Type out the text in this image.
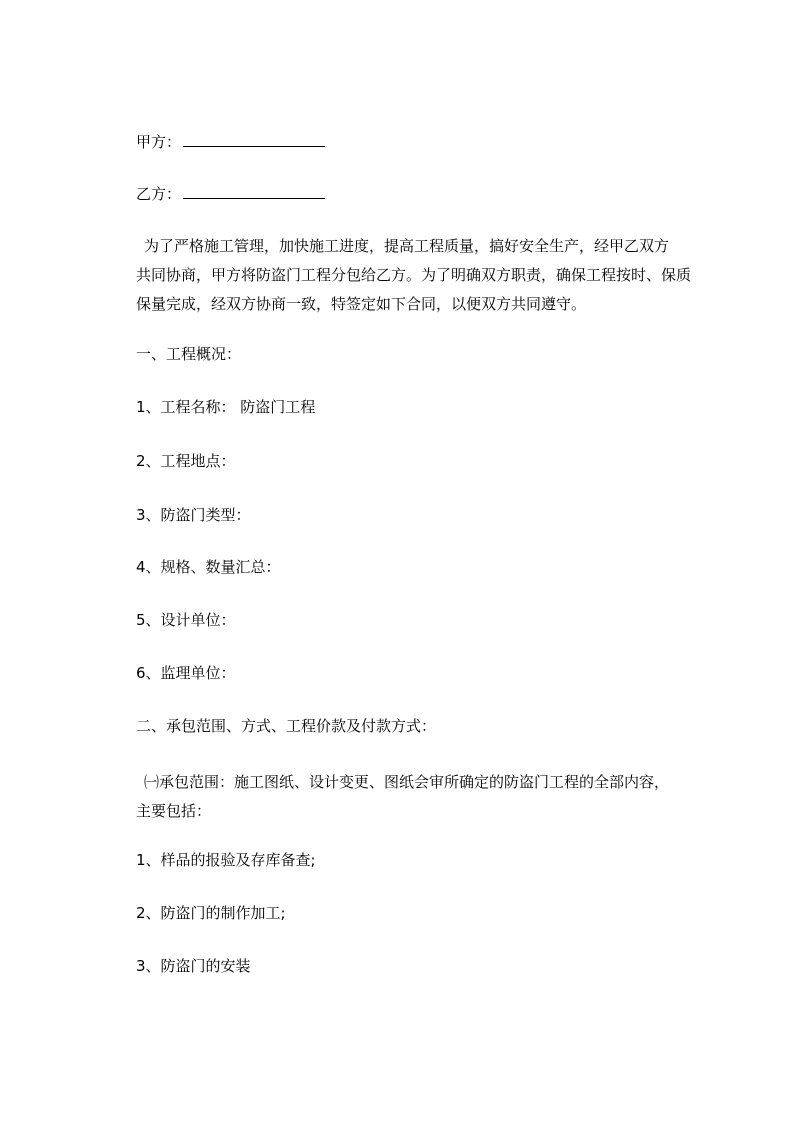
甲方：
乙方：
为了严格施工管理，加快施工进度，提高工程质量，搞好安全生产，经甲乙双方
共同协商，甲方将防盗门工程分包给乙方。为了明确双方职责，确保工程按时、保质
保量完成，经双方协商一致，特签定如下合同，以便双方共同遵守。
一、工程概况：
1、工程名称： 防盗门工程
2、工程地点：
3、防盗门类型：
4、规格、数量汇总：
5、设计单位：
6、监理单位：
二、承包范围、方式、工程价款及付款方式：
㈠承包范围：施工图纸、设计变更、图纸会审所确定的防盗门工程的全部内容，
主要包括：
1、样品的报验及存库备查;
2、防盗门的制作加工;
3、防盗门的安装
